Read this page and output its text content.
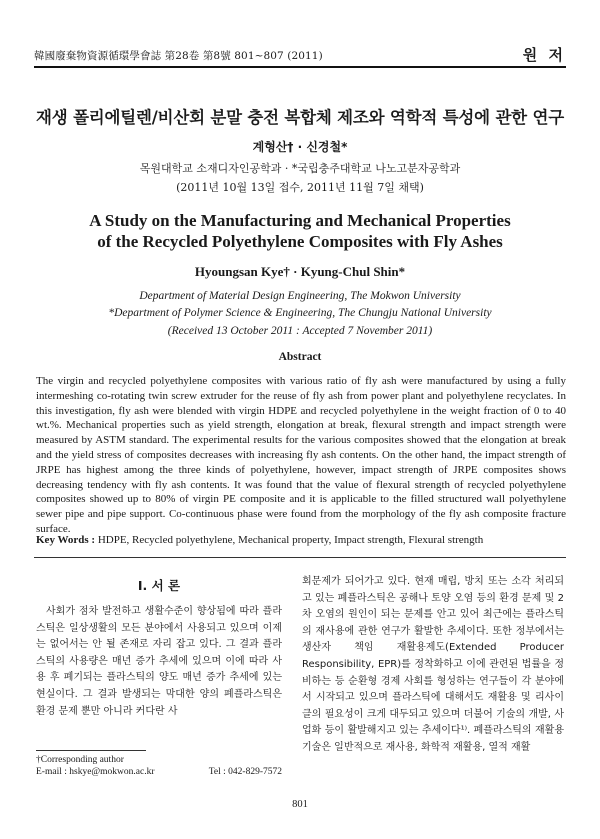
韓國廢棄物資源循環學會誌 第28卷 第8號 801~807 (2011)	원 저
재생 폴리에틸렌/비산회 분말 충전 복합체 제조와 역학적 특성에 관한 연구
계형산† · 신경철*
목원대학교 소재디자인공학과 · *국립충주대학교 나노고분자공학과
(2011년 10월 13일 접수, 2011년 11월 7일 채택)
A Study on the Manufacturing and Mechanical Properties
of the Recycled Polyethylene Composites with Fly Ashes
Hyoungsan Kye† · Kyung-Chul Shin*
Department of Material Design Engineering, The Mokwon University
*Department of Polymer Science & Engineering, The Chungju National University
(Received 13 October 2011 : Accepted 7 November 2011)
Abstract
The virgin and recycled polyethylene composites with various ratio of fly ash were manufactured by using a fully intermeshing co-rotating twin screw extruder for the reuse of fly ash from power plant and polyethylene recyclates. In this investigation, fly ash were blended with virgin HDPE and recycled polyethylene in the weight fraction of 0 to 40 wt.%. Mechanical properties such as yield strength, elongation at break, flexural strength and impact strength were measured by ASTM standard. The experimental results for the various composites showed that the elongation at break and the yield stress of composites decreases with increasing fly ash contents. On the other hand, the impact strength of JRPE has highest among the three kinds of polyethylene, however, impact strength of JRPE composites shows decreasing tendency with fly ash contents. It was found that the value of flexural strength of recycled polyethylene composites showed up to 80% of virgin PE composite and it is applicable to the filled structured wall polyethylene sewer pipe and pipe support. Co-continuous phase were found from the morphology of the fly ash composite fracture surface.
Key Words : HDPE, Recycled polyethylene, Mechanical property, Impact strength, Flexural strength
I. 서 론

사회가 점차 발전하고 생활수준이 향상됨에 따라 플라스틱은 일상생활의 모든 분야에서 사용되고 있으며 이제는 없어서는 안 될 존재로 자리 잡고 있다. 그 결과 플라스틱의 사용량은 매년 증가 추세에 있으며 이에 따라 사용 후 폐기되는 플라스틱의 양도 매년 증가 추세에 있는 현실이다. 그 결과 발생되는 막대한 양의 폐플라스틱은 환경 문제 뿐만 아니라 커다란 사

회문제가 되어가고 있다. 현재 매립, 방치 또는 소각 처리되고 있는 폐플라스틱은 공해나 토양 오염 등의 환경 문제 및 2차 오염의 원인이 되는 문제를 안고 있어 최근에는 플라스틱의 재사용에 관한 연구가 활발한 추세이다. 또한 정부에서는 생산자 책임 재활용제도(Extended Producer Responsibility, EPR)를 정착화하고 이에 관련된 법률을 정비하는 등 순환형 경제 사회를 형성하는 연구들이 각 분야에서 시작되고 있으며 플라스틱에 대해서도 재활용 및 리사이클의 필요성이 크게 대두되고 있으며 더불어 기술의 개발, 사업화 등이 활발해지고 있는 추세이다¹⁾. 폐플라스틱의 재활용 기술은 일반적으로 재사용, 화학적 재활용, 열적 재활

†Corresponding author
E-mail : hskye@mokwon.ac.kr	Tel : 042-829-7572
801
